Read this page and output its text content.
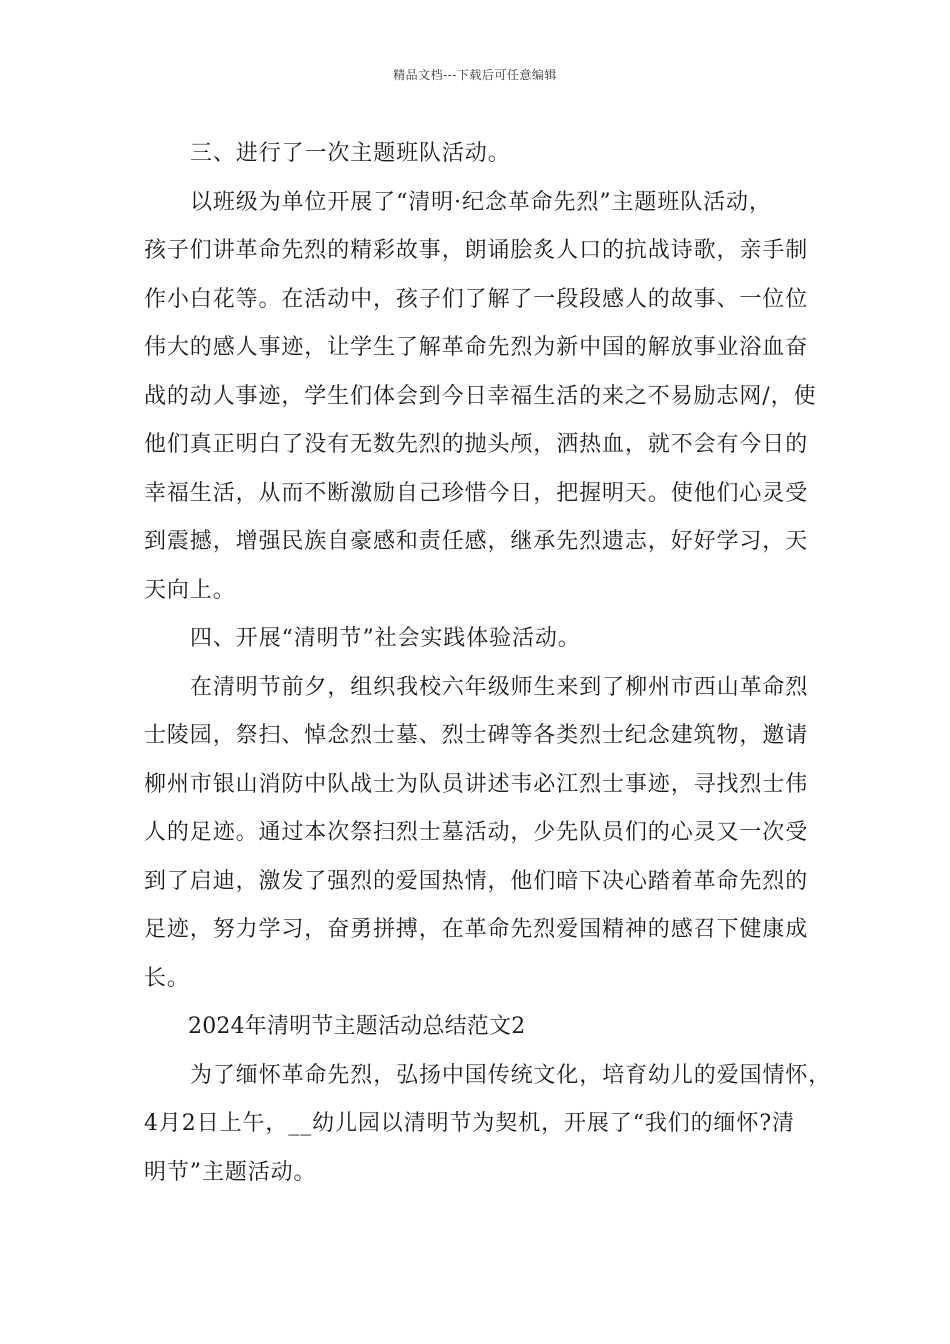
精品文档---下载后可任意编辑
三、进行了一次主题班队活动。
以班级为单位开展了“清明·纪念革命先烈”主题班队活动，
孩子们讲革命先烈的精彩故事，朗诵脍炙人口的抗战诗歌，亲手制
作小白花等。在活动中，孩子们了解了一段段感人的故事、一位位
伟大的感人事迹，让学生了解革命先烈为新中国的解放事业浴血奋
战的动人事迹，学生们体会到今日幸福生活的来之不易励志网/，使
他们真正明白了没有无数先烈的抛头颅，洒热血，就不会有今日的
幸福生活，从而不断激励自己珍惜今日，把握明天。使他们心灵受
到震撼，增强民族自豪感和责任感，继承先烈遗志，好好学习，天
天向上。
四、开展“清明节”社会实践体验活动。
在清明节前夕，组织我校六年级师生来到了柳州市西山革命烈
士陵园，祭扫、悼念烈士墓、烈士碑等各类烈士纪念建筑物，邀请
柳州市银山消防中队战士为队员讲述韦必江烈士事迹，寻找烈士伟
人的足迹。通过本次祭扫烈士墓活动，少先队员们的心灵又一次受
到了启迪，激发了强烈的爱国热情，他们暗下决心踏着革命先烈的
足迹，努力学习，奋勇拼搏，在革命先烈爱国精神的感召下健康成
长。
2024年清明节主题活动总结范文2
为了缅怀革命先烈，弘扬中国传统文化，培育幼儿的爱国情怀，
4月2日上午，__幼儿园以清明节为契机，开展了“我们的缅怀?清
明节”主题活动。
